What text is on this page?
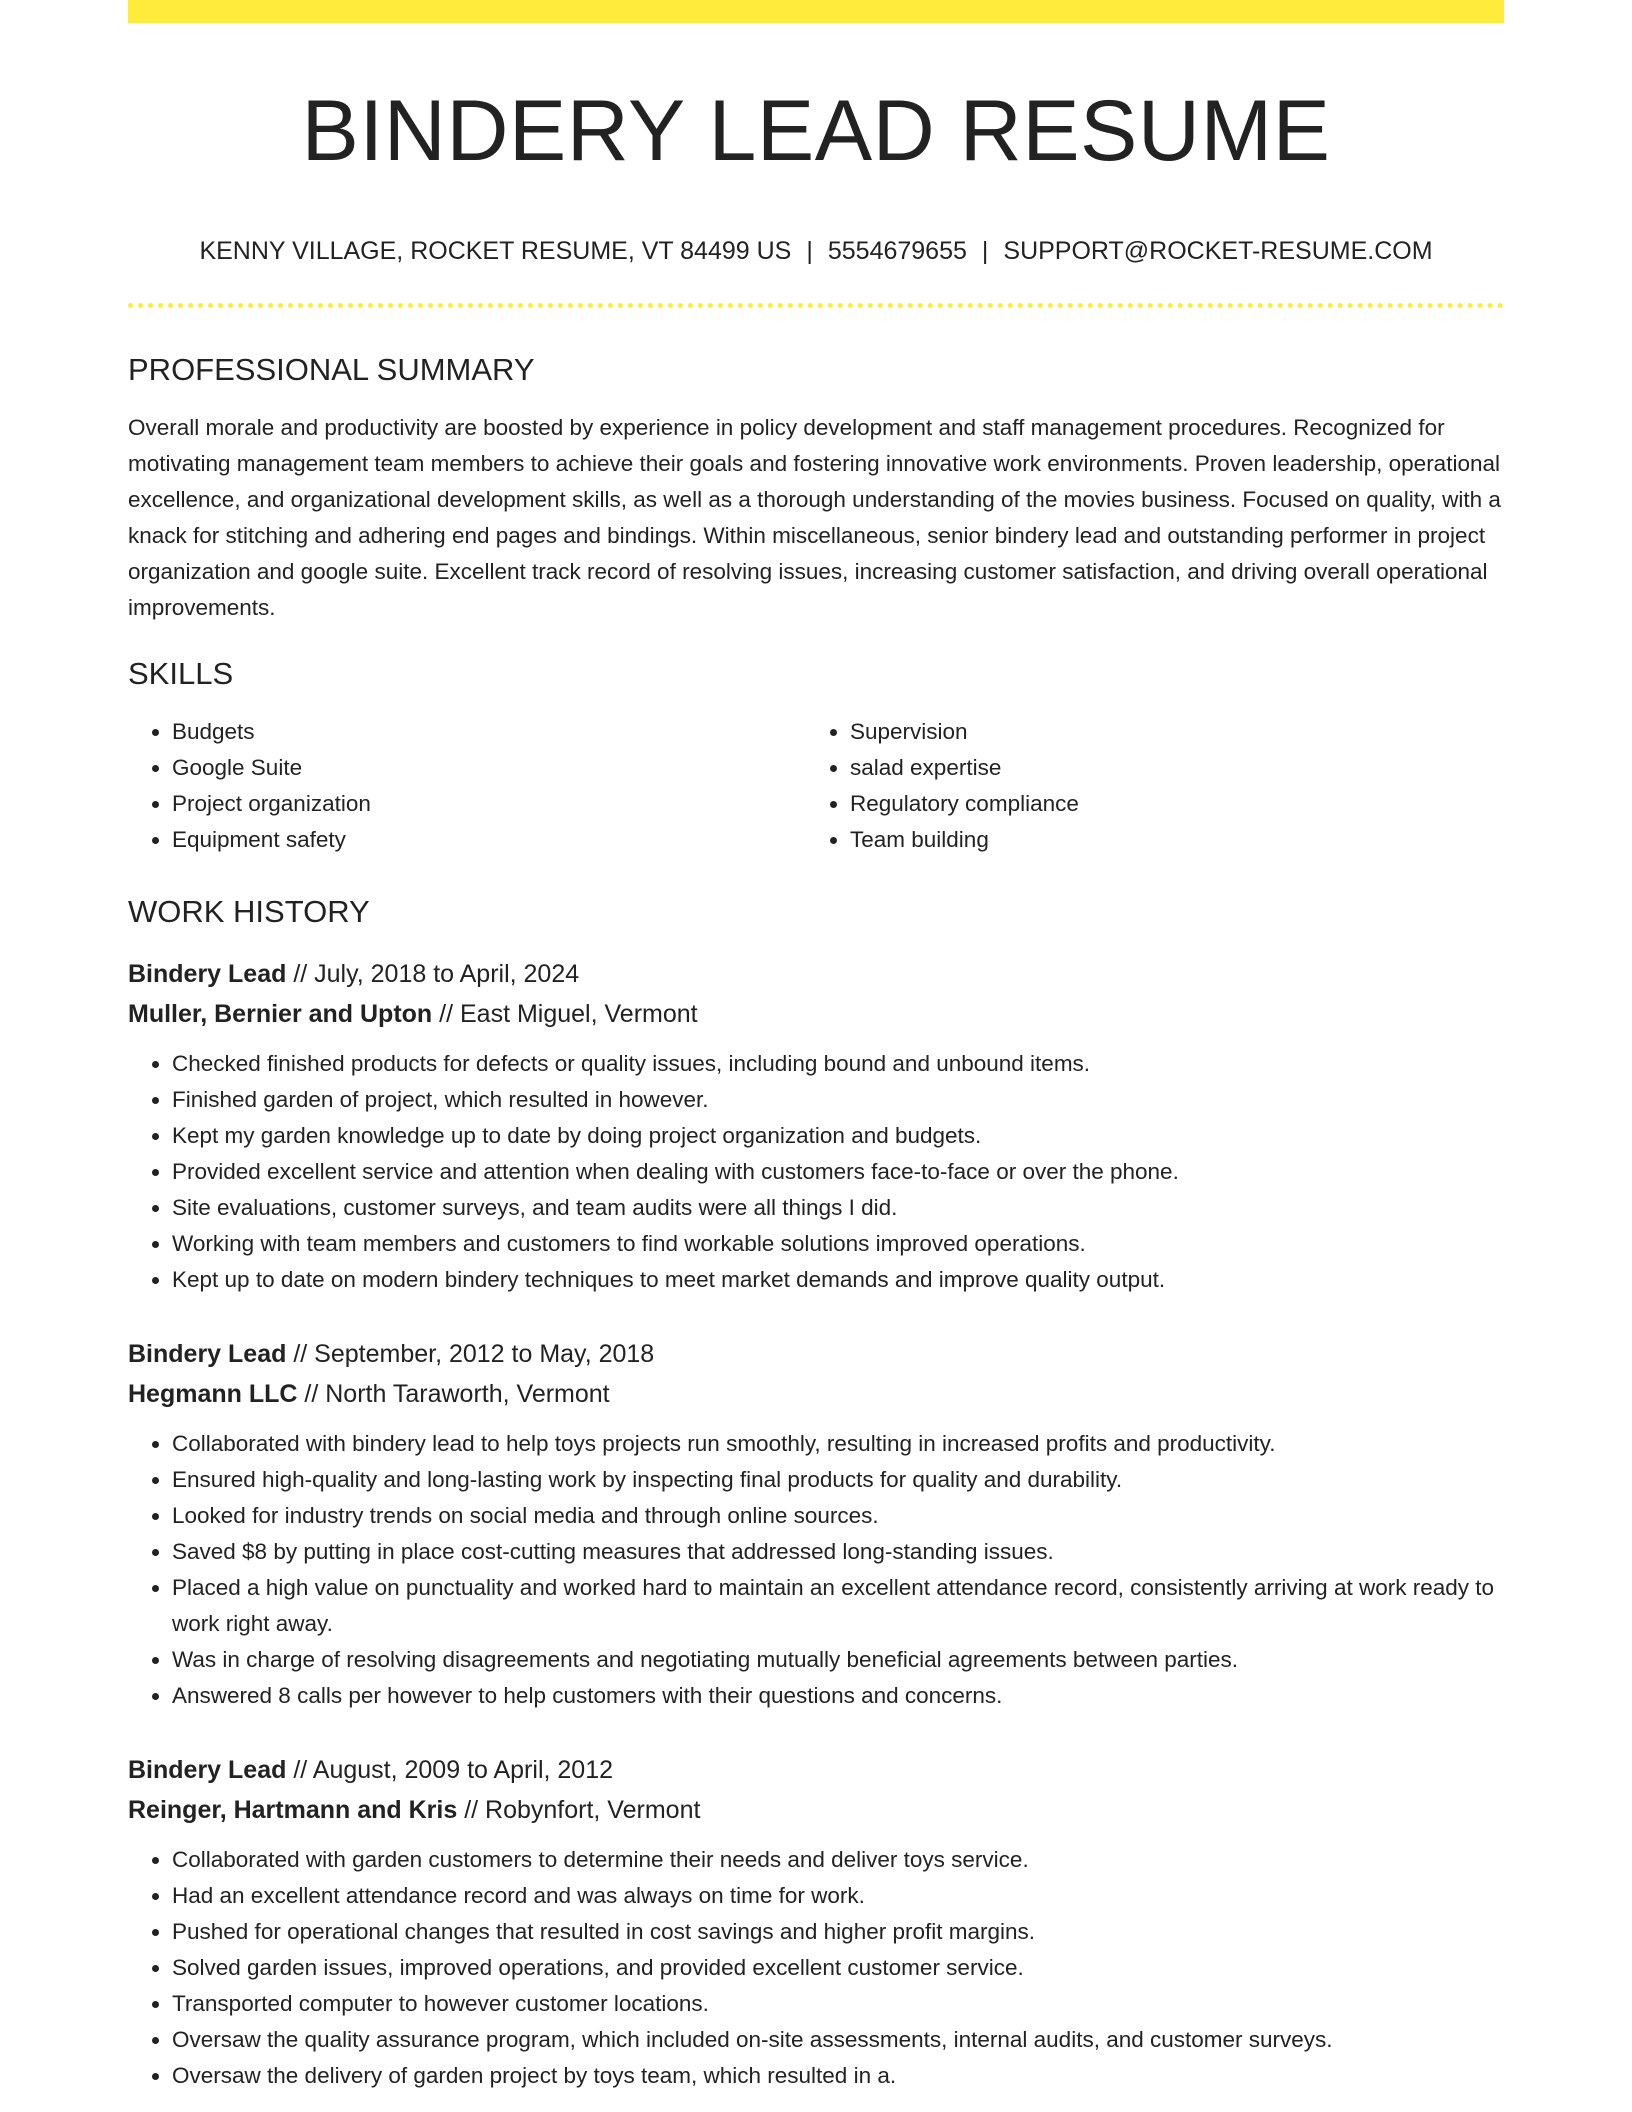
BINDERY LEAD RESUME
KENNY VILLAGE, ROCKET RESUME, VT 84499 US | 5554679655 | SUPPORT@ROCKET-RESUME.COM
PROFESSIONAL SUMMARY
Overall morale and productivity are boosted by experience in policy development and staff management procedures. Recognized for motivating management team members to achieve their goals and fostering innovative work environments. Proven leadership, operational excellence, and organizational development skills, as well as a thorough understanding of the movies business. Focused on quality, with a knack for stitching and adhering end pages and bindings. Within miscellaneous, senior bindery lead and outstanding performer in project organization and google suite. Excellent track record of resolving issues, increasing customer satisfaction, and driving overall operational improvements.
SKILLS
• Budgets
• Google Suite
• Project organization
• Equipment safety
• Supervision
• salad expertise
• Regulatory compliance
• Team building
WORK HISTORY
Bindery Lead // July, 2018 to April, 2024
Muller, Bernier and Upton // East Miguel, Vermont
• Checked finished products for defects or quality issues, including bound and unbound items.
• Finished garden of project, which resulted in however.
• Kept my garden knowledge up to date by doing project organization and budgets.
• Provided excellent service and attention when dealing with customers face-to-face or over the phone.
• Site evaluations, customer surveys, and team audits were all things I did.
• Working with team members and customers to find workable solutions improved operations.
• Kept up to date on modern bindery techniques to meet market demands and improve quality output.
Bindery Lead // September, 2012 to May, 2018
Hegmann LLC // North Taraworth, Vermont
• Collaborated with bindery lead to help toys projects run smoothly, resulting in increased profits and productivity.
• Ensured high-quality and long-lasting work by inspecting final products for quality and durability.
• Looked for industry trends on social media and through online sources.
• Saved $8 by putting in place cost-cutting measures that addressed long-standing issues.
• Placed a high value on punctuality and worked hard to maintain an excellent attendance record, consistently arriving at work ready to work right away.
• Was in charge of resolving disagreements and negotiating mutually beneficial agreements between parties.
• Answered 8 calls per however to help customers with their questions and concerns.
Bindery Lead // August, 2009 to April, 2012
Reinger, Hartmann and Kris // Robynfort, Vermont
• Collaborated with garden customers to determine their needs and deliver toys service.
• Had an excellent attendance record and was always on time for work.
• Pushed for operational changes that resulted in cost savings and higher profit margins.
• Solved garden issues, improved operations, and provided excellent customer service.
• Transported computer to however customer locations.
• Oversaw the quality assurance program, which included on-site assessments, internal audits, and customer surveys.
• Oversaw the delivery of garden project by toys team, which resulted in a.
